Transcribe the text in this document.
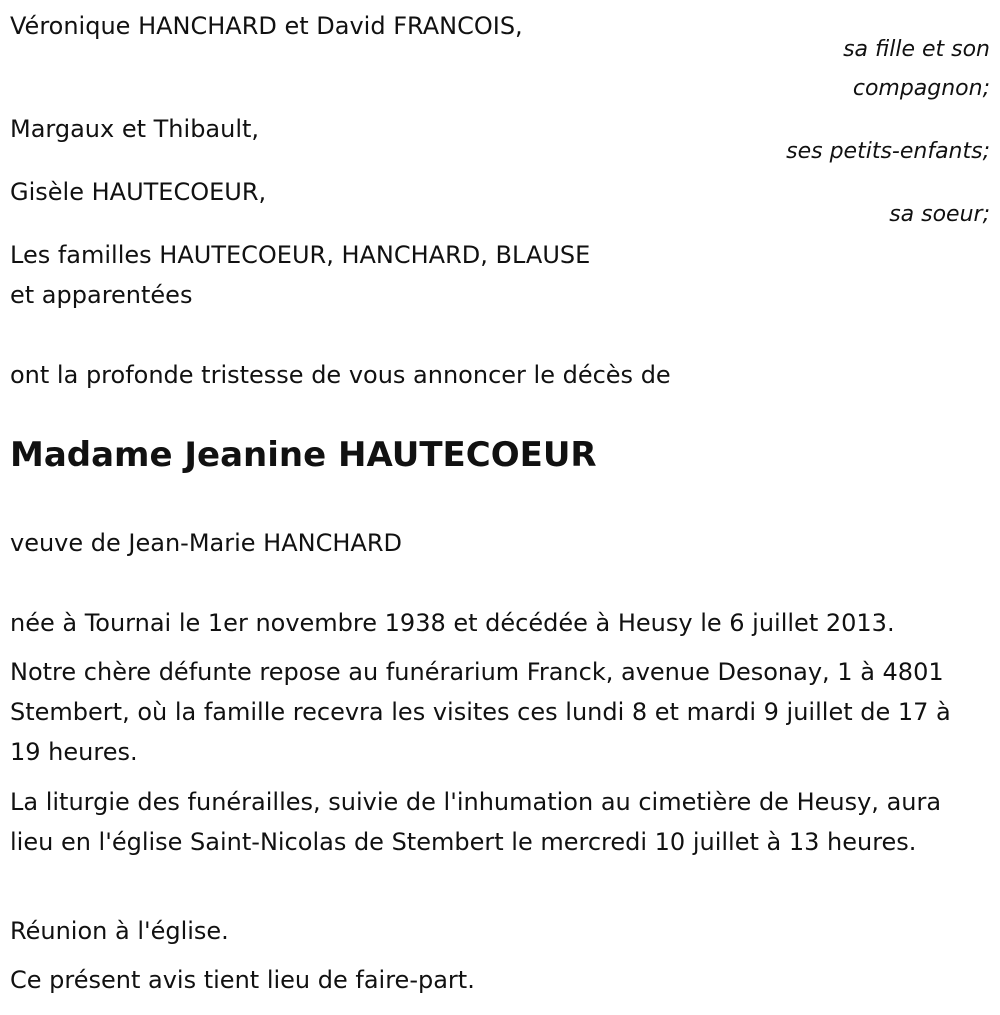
Véronique HANCHARD et David FRANCOIS,
sa fille et son
compagnon;
Margaux et Thibault,
ses petits-enfants;
Gisèle HAUTECOEUR,
sa soeur;
Les familles HAUTECOEUR, HANCHARD, BLAUSE
et apparentées
ont la profonde tristesse de vous annoncer le décès de
Madame Jeanine HAUTECOEUR
veuve de Jean-Marie HANCHARD
née à Tournai le 1er novembre 1938 et décédée à Heusy le 6 juillet 2013.
Notre chère défunte repose au funérarium Franck, avenue Desonay, 1 à 4801 Stembert, où la famille recevra les visites ces lundi 8 et mardi 9 juillet de 17 à 19 heures.
La liturgie des funérailles, suivie de l'inhumation au cimetière de Heusy, aura lieu en l'église Saint-Nicolas de Stembert le mercredi 10 juillet à 13 heures.
Réunion à l'église.
Ce présent avis tient lieu de faire-part.
